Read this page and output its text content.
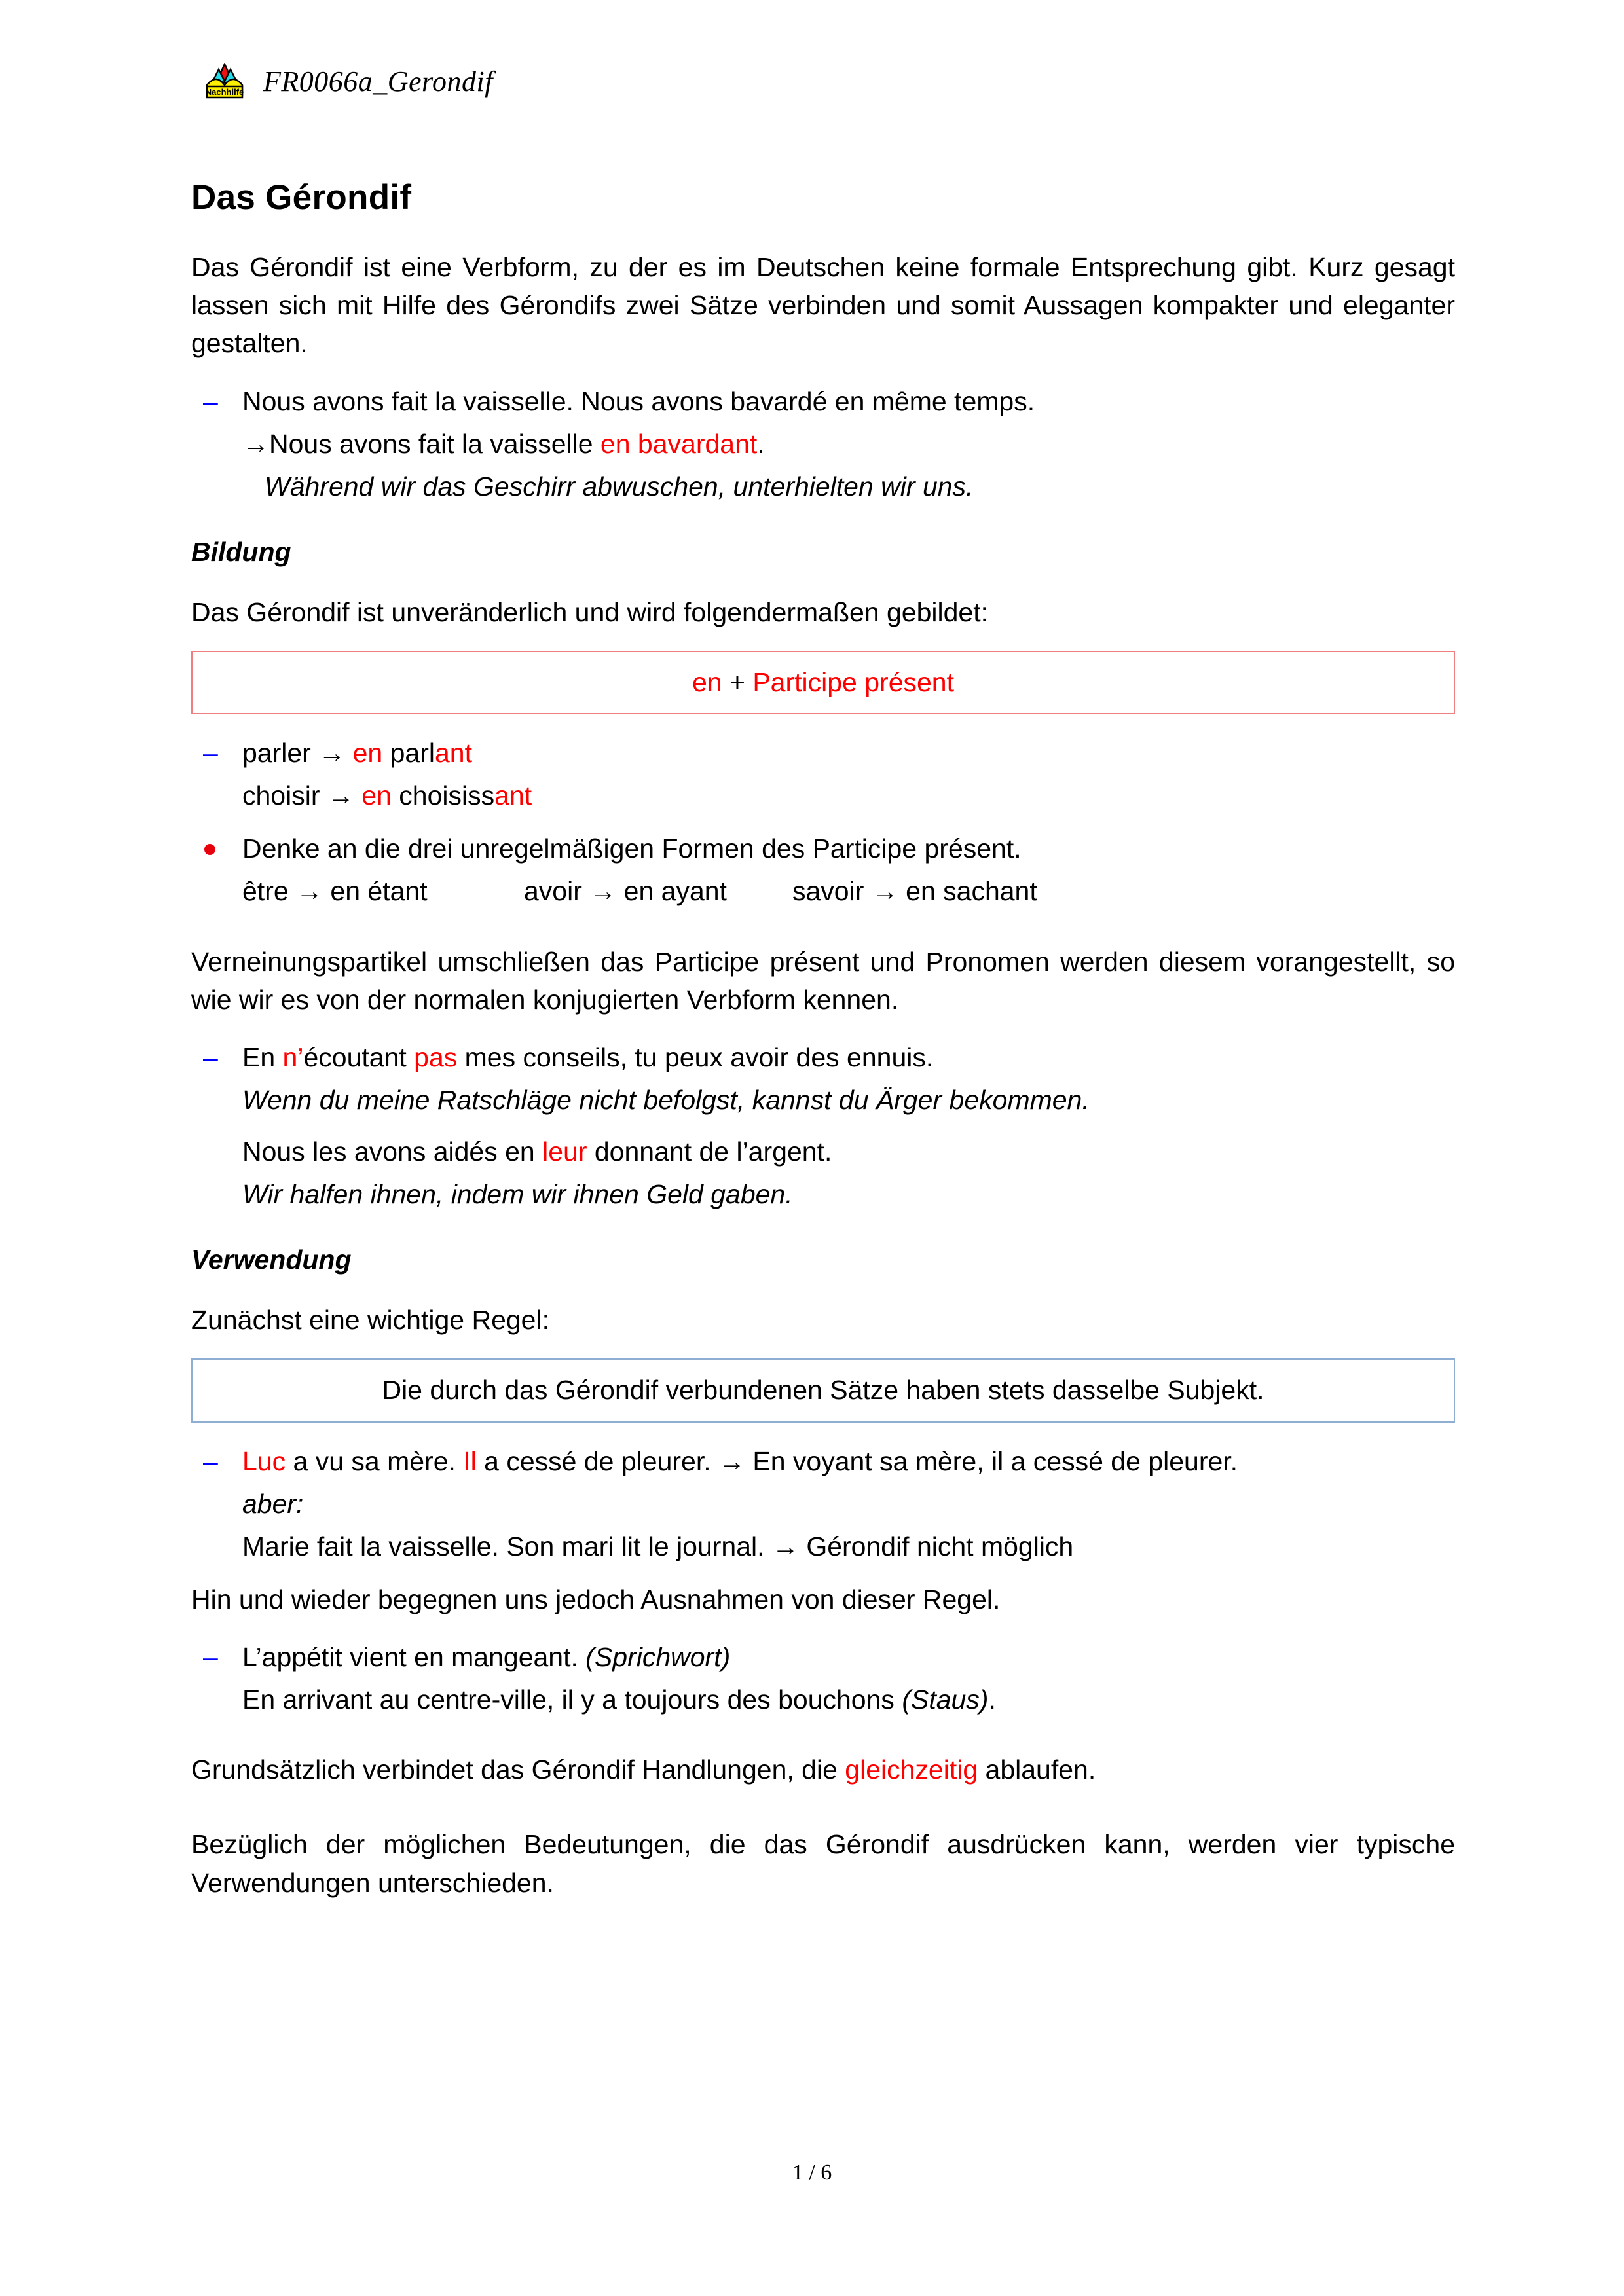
Nachhilfe FR0066a_Gerondif
Das Gérondif

Das Gérondif ist eine Verbform, zu der es im Deutschen keine formale Entsprechung gibt. Kurz gesagt lassen sich mit Hilfe des Gérondifs zwei Sätze verbinden und somit Aussagen kompakter und eleganter gestalten.

– Nous avons fait la vaisselle. Nous avons bavardé en même temps.
→Nous avons fait la vaisselle en bavardant.
Während wir das Geschirr abwuschen, unterhielten wir uns.
Bildung

Das Gérondif ist unveränderlich und wird folgendermaßen gebildet:

en + Participe présent
– parler → en parlant
choisir → en choisissant
Denke an die drei unregelmäßigen Formen des Participe présent.
être → en étant	avoir → en ayant	savoir → en sachant

Verneinungspartikel umschließen das Participe présent und Pronomen werden diesem vorangestellt, so wie wir es von der normalen konjugierten Verbform kennen.

– En n’écoutant pas mes conseils, tu peux avoir des ennuis.
Wenn du meine Ratschläge nicht befolgst, kannst du Ärger bekommen.
Nous les avons aidés en leur donnant de l’argent.
Wir halfen ihnen, indem wir ihnen Geld gaben.
Verwendung

Zunächst eine wichtige Regel:

Die durch das Gérondif verbundenen Sätze haben stets dasselbe Subjekt.
– Luc a vu sa mère. Il a cessé de pleurer. → En voyant sa mère, il a cessé de pleurer.
aber:
Marie fait la vaisselle. Son mari lit le journal. → Gérondif nicht möglich

Hin und wieder begegnen uns jedoch Ausnahmen von dieser Regel.

– L’appétit vient en mangeant. (Sprichwort)
En arrivant au centre-ville, il y a toujours des bouchons (Staus).

Grundsätzlich verbindet das Gérondif Handlungen, die gleichzeitig ablaufen.

Bezüglich der möglichen Bedeutungen, die das Gérondif ausdrücken kann, werden vier typische Verwendungen unterschieden.

1 / 6
